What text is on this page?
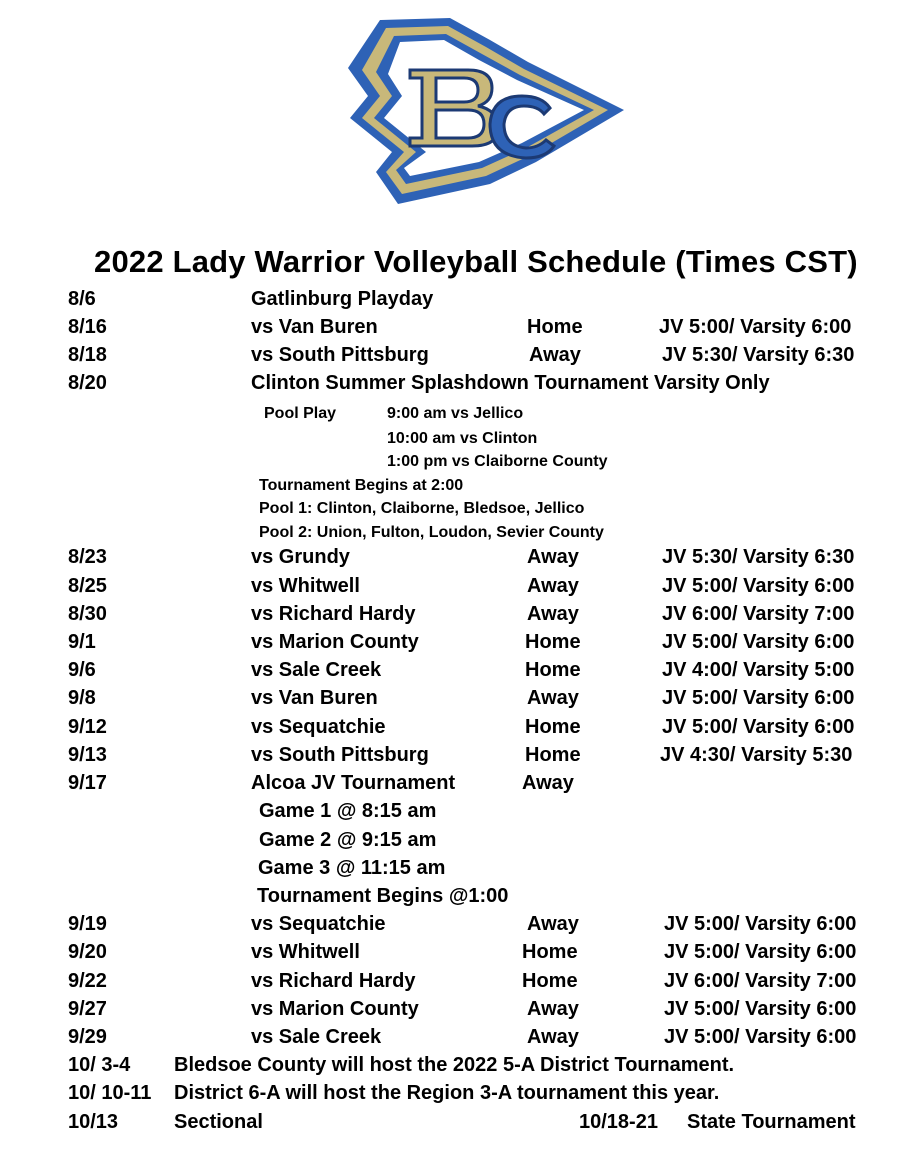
2022 Lady Warrior Volleyball Schedule (Times CST)
8/6	Gatlinburg Playday
8/16	vs Van Buren	Home	JV 5:00/ Varsity 6:00
8/18	vs South Pittsburg	Away	JV 5:30/ Varsity 6:30
8/20	Clinton Summer Splashdown Tournament Varsity Only
Pool Play	9:00 am vs Jellico
10:00 am vs Clinton
1:00 pm vs Claiborne County
Tournament Begins at 2:00
Pool 1: Clinton, Claiborne, Bledsoe, Jellico
Pool 2: Union, Fulton, Loudon, Sevier County
8/23	vs Grundy	Away	JV 5:30/ Varsity 6:30
8/25	vs Whitwell	Away	JV 5:00/ Varsity 6:00
8/30	vs Richard Hardy	Away	JV 6:00/ Varsity 7:00
9/1	vs Marion County	Home	JV 5:00/ Varsity 6:00
9/6	vs Sale Creek	Home	JV 4:00/ Varsity 5:00
9/8	vs Van Buren	Away	JV 5:00/ Varsity 6:00
9/12	vs Sequatchie	Home	JV 5:00/ Varsity 6:00
9/13	vs South Pittsburg	Home	JV 4:30/ Varsity 5:30
9/17	Alcoa JV Tournament	Away
Game 1 @ 8:15 am
Game 2 @ 9:15 am
Game 3 @ 11:15 am
Tournament Begins @1:00
9/19	vs Sequatchie	Away	JV 5:00/ Varsity 6:00
9/20	vs Whitwell	Home	JV 5:00/ Varsity 6:00
9/22	vs Richard Hardy	Home	JV 6:00/ Varsity 7:00
9/27	vs Marion County	Away	JV 5:00/ Varsity 6:00
9/29	vs Sale Creek	Away	JV 5:00/ Varsity 6:00
10/ 3-4 Bledsoe County will host the 2022 5-A District Tournament.
10/ 10-11 District 6-A will host the Region 3-A tournament this year.
10/13	Sectional	10/18-21 State Tournament
